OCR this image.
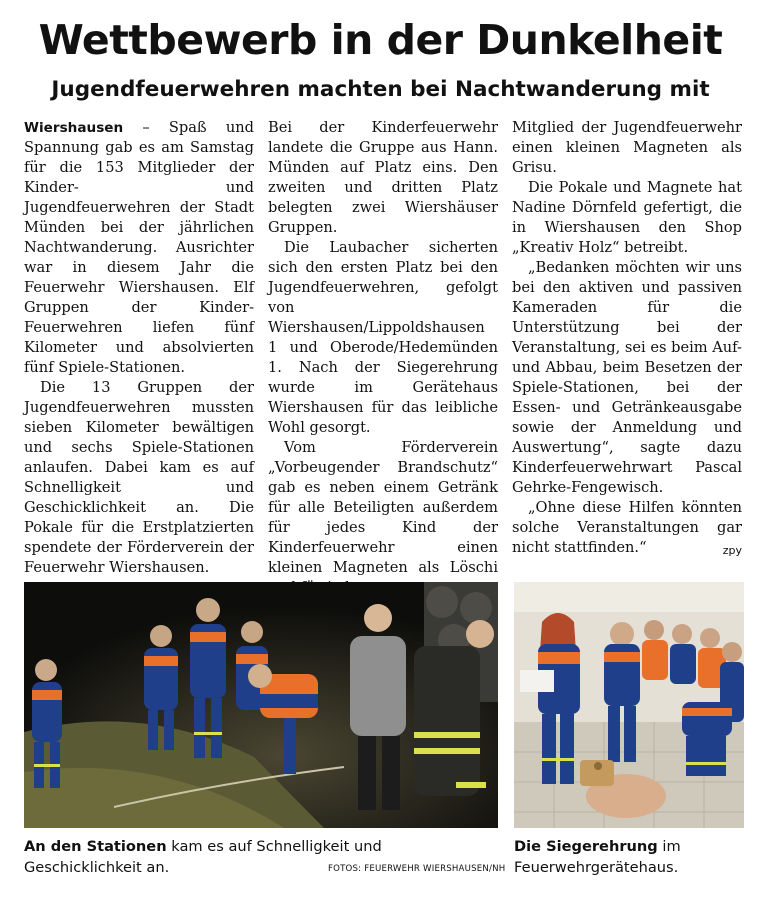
Wettbewerb in der Dunkelheit
Jugendfeuerwehren machten bei Nachtwanderung mit

Wiershausen – Spaß und Spannung gab es am Samstag für die 153 Mitglieder der Kinder- und Jugendfeuerwehren der Stadt Münden bei der jährlichen Nachtwanderung. Ausrichter war in diesem Jahr die Feuerwehr Wiershausen. Elf Gruppen der Kinder-Feuerwehren liefen fünf Kilometer und absolvierten fünf Spiele-Stationen.

Die 13 Gruppen der Jugendfeuerwehren mussten sieben Kilometer bewältigen und sechs Spiele-Stationen anlaufen. Dabei kam es auf Schnelligkeit und Geschicklichkeit an. Die Pokale für die Erstplatzierten spendete der Förderverein der Feuerwehr Wiershausen.

Bei der Kinderfeuerwehr landete die Gruppe aus Hann. Münden auf Platz eins. Den zweiten und dritten Platz belegten zwei Wiershäuser Gruppen.

Die Laubacher sicherten sich den ersten Platz bei den Jugendfeuerwehren, gefolgt von Wiershausen/Lippoldshausen 1 und Oberode/Hedemünden 1. Nach der Siegerehrung wurde im Gerätehaus Wiershausen für das leibliche Wohl gesorgt.

Vom Förderverein „Vorbeugender Brandschutz“ gab es neben einem Getränk für alle Beteiligten außerdem für jedes Kind der Kinderfeuerwehr einen kleinen Magneten als Löschi

Mitglied der Jugendfeuerwehr einen kleinen Magneten als Grisu.

Die Pokale und Magnete hat Nadine Dörnfeld gefertigt, die in Wiershausen den Shop „Kreativ Holz“ betreibt.

„Bedanken möchten wir uns bei den aktiven und passiven Kameraden für die Unterstützung bei der Veranstaltung, sei es beim Auf- und Abbau, beim Besetzen der Spiele-Stationen, bei der Essen- und Getränkeausgabe sowie der Anmeldung und Auswertung“, sagte dazu Kinderfeuerwehrwart Pascal Gehrke-Fengewisch.

„Ohne diese Hilfen könnten solche Veranstaltungen gar nicht stattfinden.“	zpy

An den Stationen kam es auf Schnelligkeit und Geschicklichkeit an.	FOTOS: FEUERWEHR WIERSHAUSEN/NH
Die Siegerehrung im Feuerwehrgerätehaus.
